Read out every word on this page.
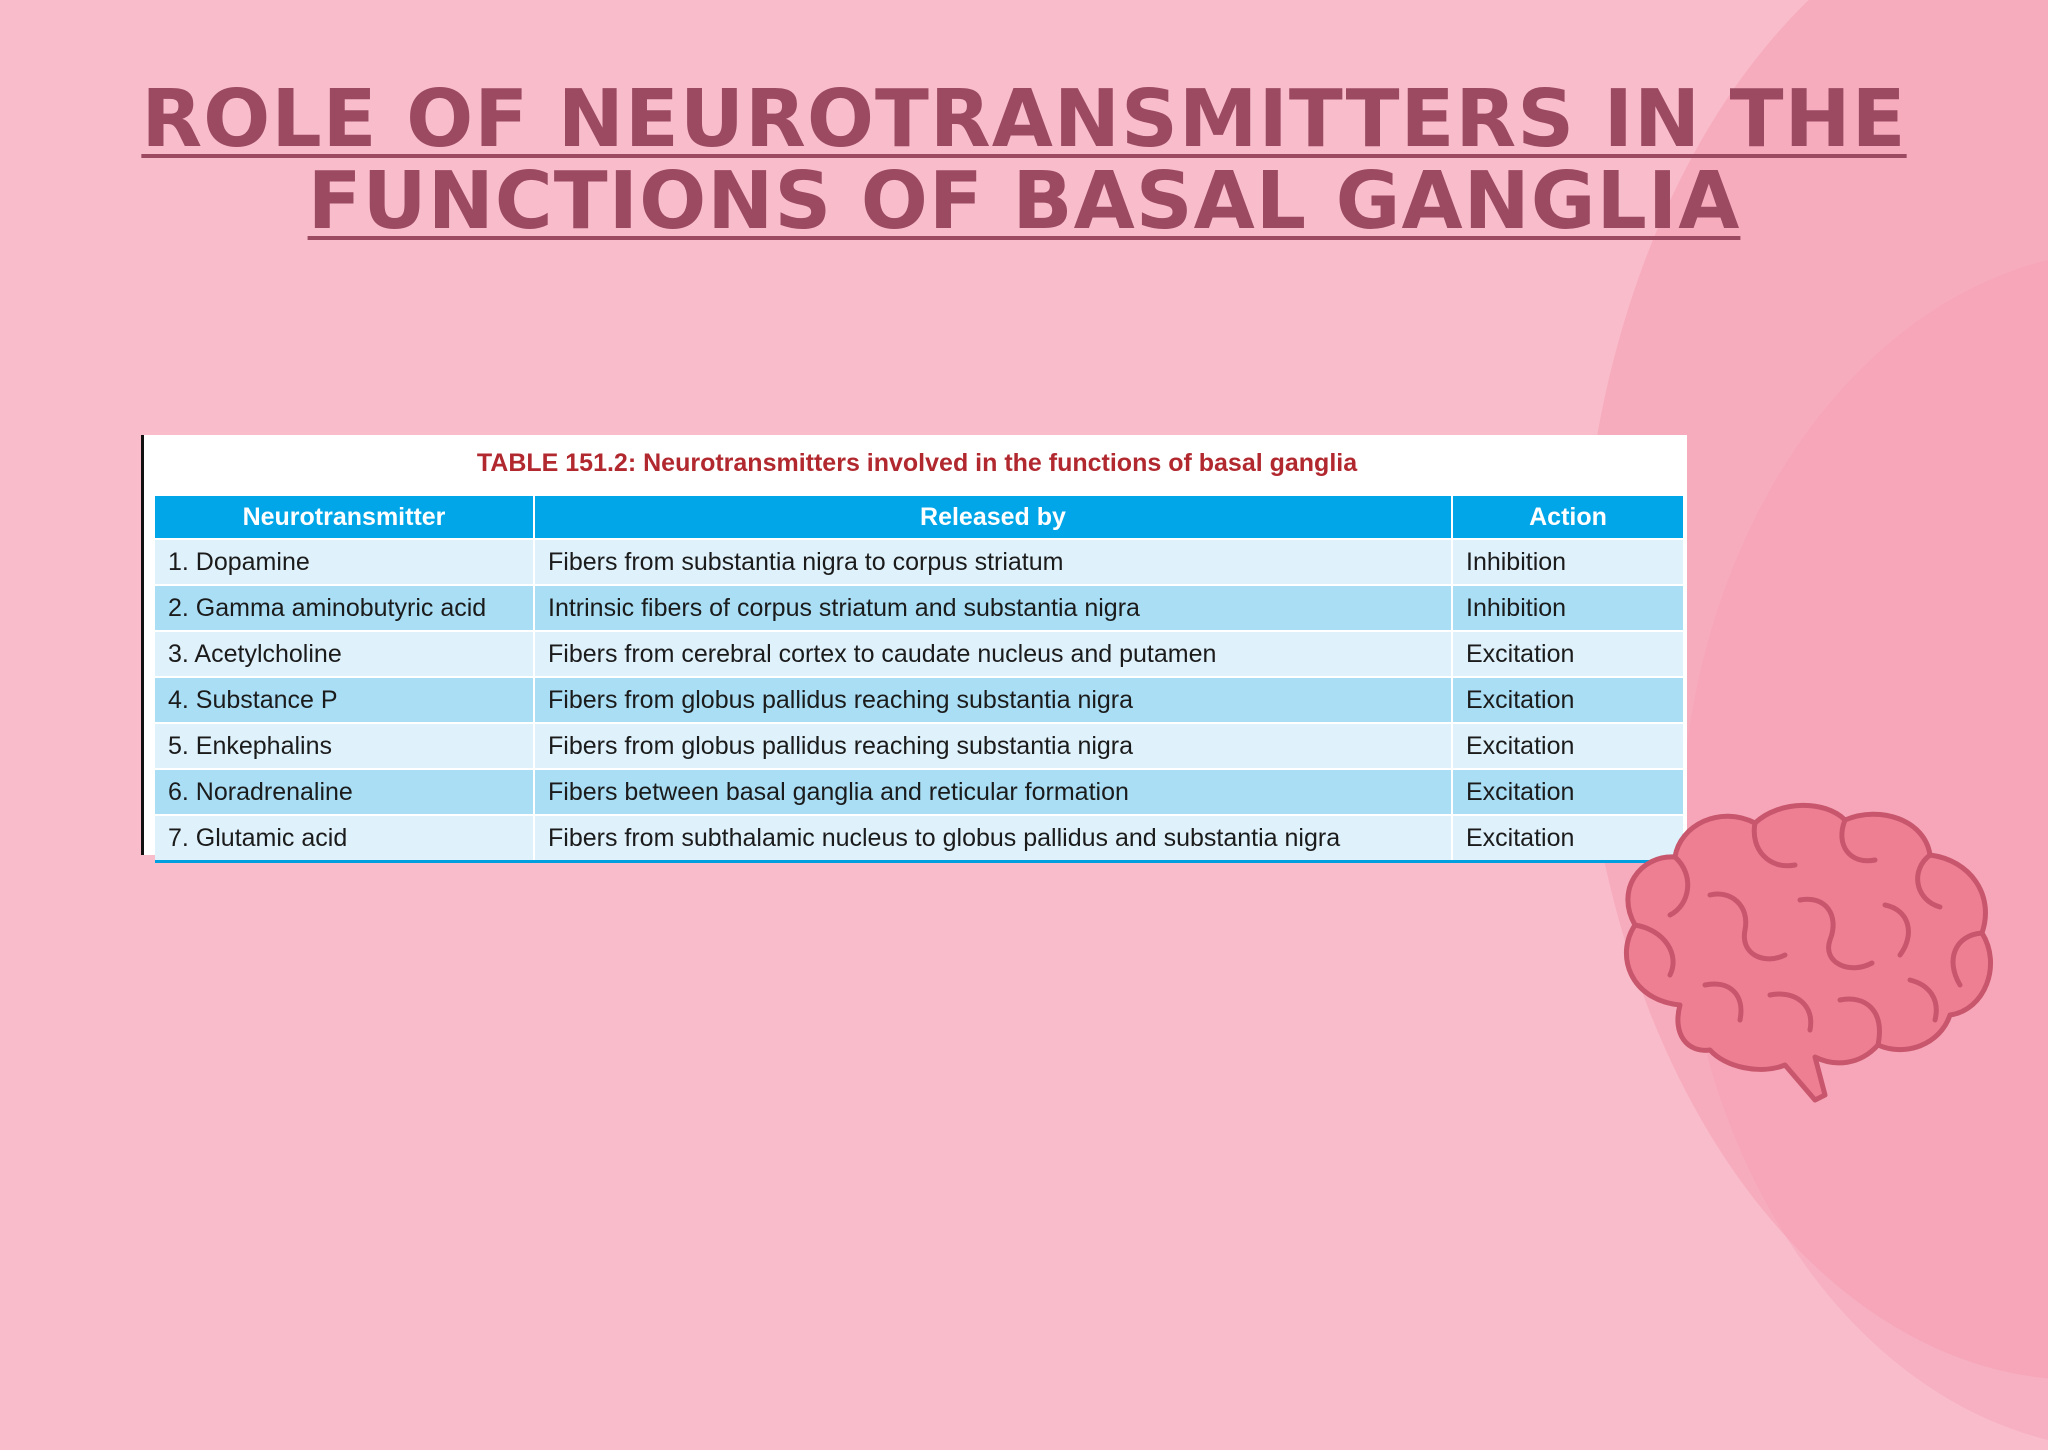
ROLE OF NEUROTRANSMITTERS IN THE
FUNCTIONS OF BASAL GANGLIA
TABLE 151.2: Neurotransmitters involved in the functions of basal ganglia
Neurotransmitter	Released by	Action
1. Dopamine	Fibers from substantia nigra to corpus striatum	Inhibition
2. Gamma aminobutyric acid	Intrinsic fibers of corpus striatum and substantia nigra	Inhibition
3. Acetylcholine	Fibers from cerebral cortex to caudate nucleus and putamen	Excitation
4. Substance P	Fibers from globus pallidus reaching substantia nigra	Excitation
5. Enkephalins	Fibers from globus pallidus reaching substantia nigra	Excitation
6. Noradrenaline	Fibers between basal ganglia and reticular formation	Excitation
7. Glutamic acid	Fibers from subthalamic nucleus to globus pallidus and substantia nigra	Excitation
